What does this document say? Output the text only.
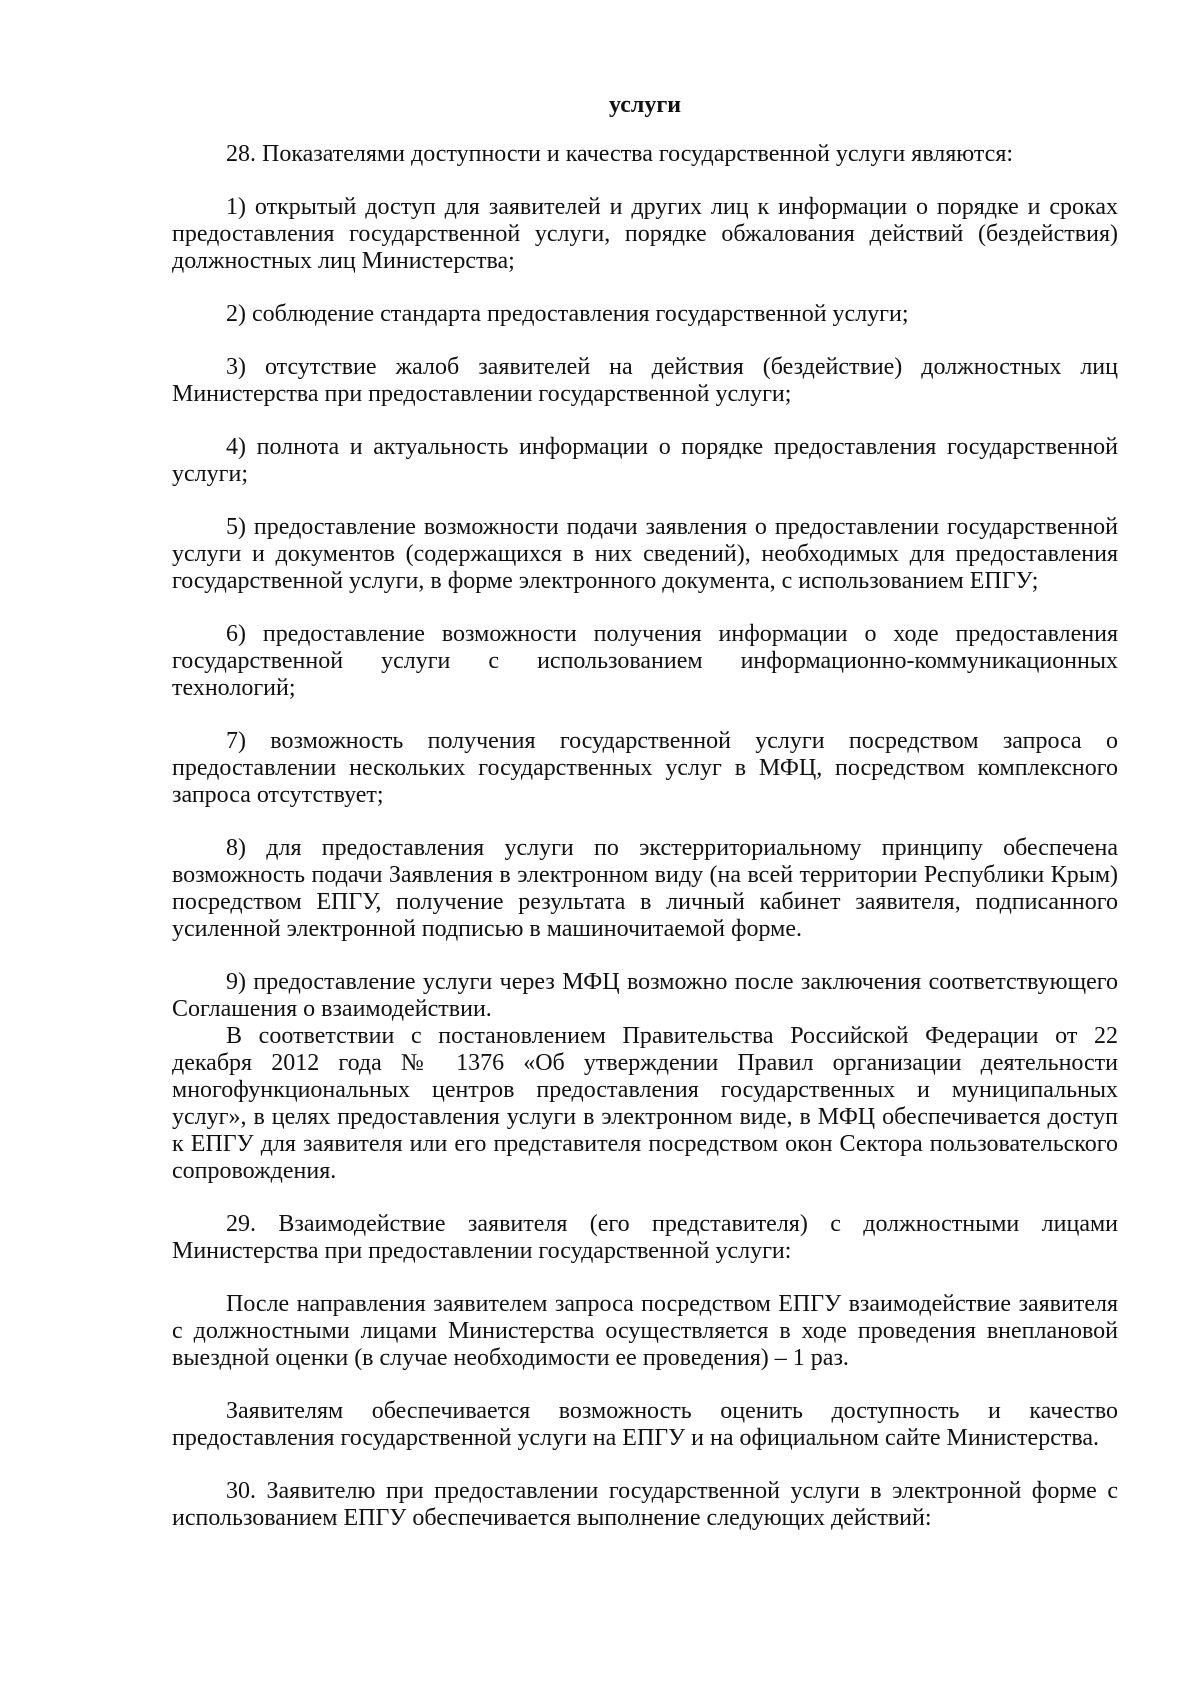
услуги

28. Показателями доступности и качества государственной услуги являются:

1) открытый доступ для заявителей и других лиц к информации о порядке и сроках предоставления государственной услуги, порядке обжалования действий (бездействия) должностных лиц Министерства;

2) соблюдение стандарта предоставления государственной услуги;

3) отсутствие жалоб заявителей на действия (бездействие) должностных лиц Министерства при предоставлении государственной услуги;

4) полнота и актуальность информации о порядке предоставления государственной услуги;

5) предоставление возможности подачи заявления о предоставлении государственной услуги и документов (содержащихся в них сведений), необходимых для предоставления государственной услуги, в форме электронного документа, с использованием ЕПГУ;

6) предоставление возможности получения информации о ходе предоставления государственной услуги с использованием информационно-коммуникационных технологий;

7) возможность получения государственной услуги посредством запроса о предоставлении нескольких государственных услуг в МФЦ, посредством комплексного запроса отсутствует;

8) для предоставления услуги по экстерриториальному принципу обеспечена возможность подачи Заявления в электронном виду (на всей территории Республики Крым) посредством ЕПГУ, получение результата в личный кабинет заявителя, подписанного усиленной электронной подписью в машиночитаемой форме.

9) предоставление услуги через МФЦ возможно после заключения соответствующего Соглашения о взаимодействии.

В соответствии с постановлением Правительства Российской Федерации от 22 декабря 2012 года № 1376 «Об утверждении Правил организации деятельности многофункциональных центров предоставления государственных и муниципальных услуг», в целях предоставления услуги в электронном виде, в МФЦ обеспечивается доступ к ЕПГУ для заявителя или его представителя посредством окон Сектора пользовательского сопровождения.

29. Взаимодействие заявителя (его представителя) с должностными лицами Министерства при предоставлении государственной услуги:

После направления заявителем запроса посредством ЕПГУ взаимодействие заявителя с должностными лицами Министерства осуществляется в ходе проведения внеплановой выездной оценки (в случае необходимости ее проведения) – 1 раз.

Заявителям обеспечивается возможность оценить доступность и качество предоставления государственной услуги на ЕПГУ и на официальном сайте Министерства.

30. Заявителю при предоставлении государственной услуги в электронной форме с использованием ЕПГУ обеспечивается выполнение следующих действий:
